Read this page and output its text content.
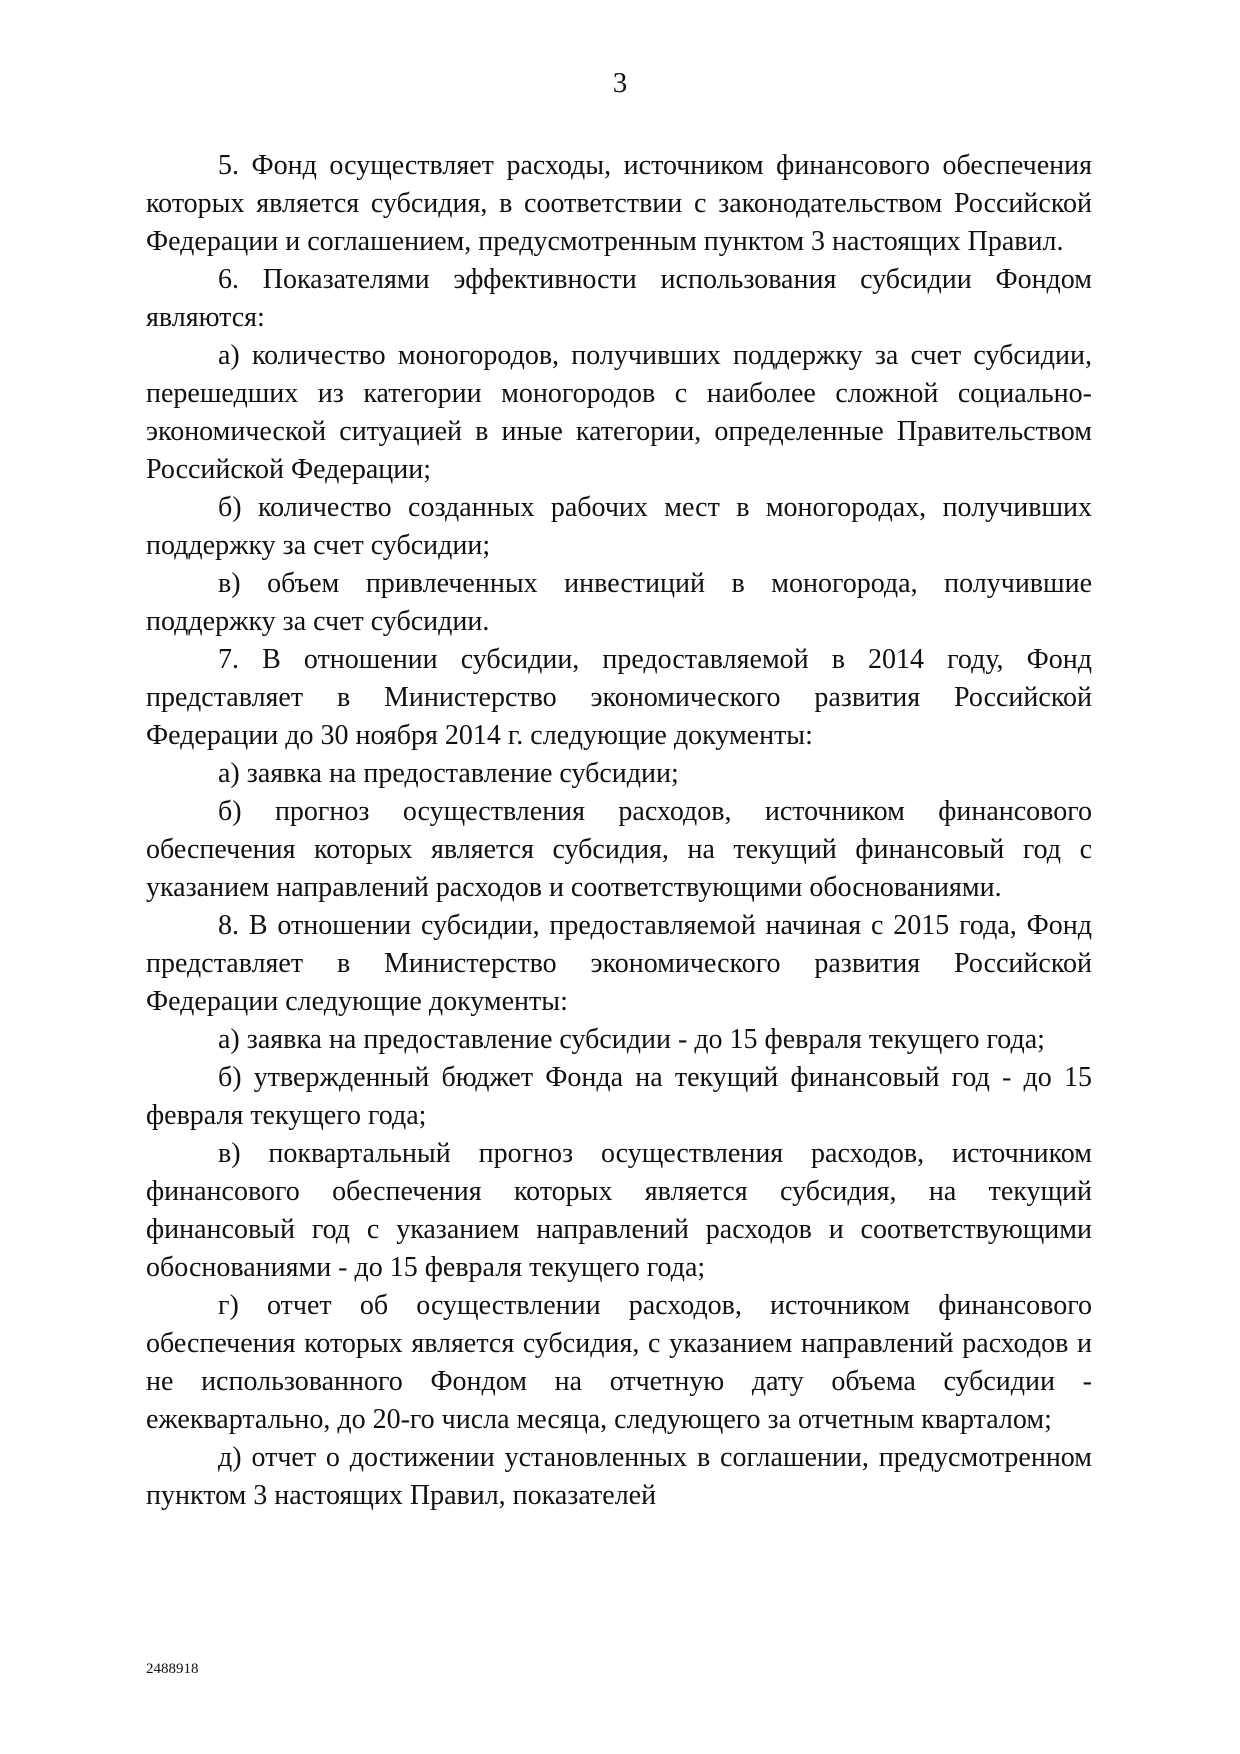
3

5. Фонд осуществляет расходы, источником финансового обеспечения которых является субсидия, в соответствии с законодательством Российской Федерации и соглашением, предусмотренным пунктом 3 настоящих Правил.

6. Показателями эффективности использования субсидии Фондом являются:

а) количество моногородов, получивших поддержку за счет субсидии, перешедших из категории моногородов с наиболее сложной социально-экономической ситуацией в иные категории, определенные Правительством Российской Федерации;

б) количество созданных рабочих мест в моногородах, получивших поддержку за счет субсидии;

в) объем привлеченных инвестиций в моногорода, получившие поддержку за счет субсидии.

7. В отношении субсидии, предоставляемой в 2014 году, Фонд представляет в Министерство экономического развития Российской Федерации до 30 ноября 2014 г. следующие документы:

а) заявка на предоставление субсидии;

б) прогноз осуществления расходов, источником финансового обеспечения которых является субсидия, на текущий финансовый год с указанием направлений расходов и соответствующими обоснованиями.

8. В отношении субсидии, предоставляемой начиная с 2015 года, Фонд представляет в Министерство экономического развития Российской Федерации следующие документы:

а) заявка на предоставление субсидии - до 15 февраля текущего года;

б) утвержденный бюджет Фонда на текущий финансовый год - до 15 февраля текущего года;

в) поквартальный прогноз осуществления расходов, источником финансового обеспечения которых является субсидия, на текущий финансовый год с указанием направлений расходов и соответствующими обоснованиями - до 15 февраля текущего года;

г) отчет об осуществлении расходов, источником финансового обеспечения которых является субсидия, с указанием направлений расходов и не использованного Фондом на отчетную дату объема субсидии - ежеквартально, до 20-го числа месяца, следующего за отчетным кварталом;

д) отчет о достижении установленных в соглашении, предусмотренном пунктом 3 настоящих Правил, показателей

2488918
